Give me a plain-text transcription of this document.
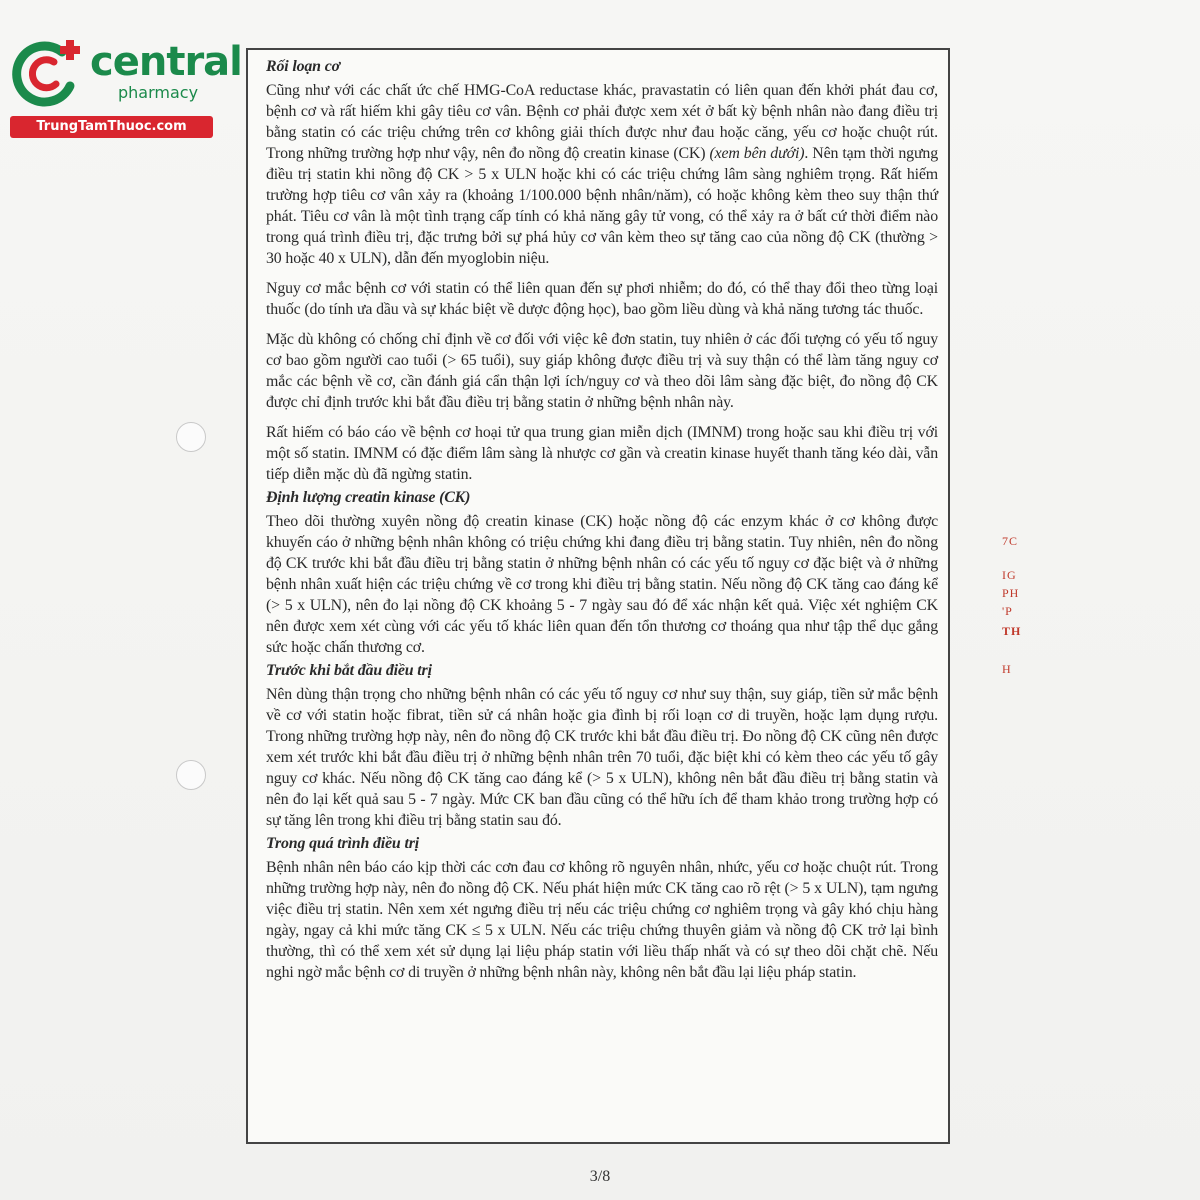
central
pharmacy
TrungTamThuoc.com
7C
IG
PH
'P
TH
H
Rối loạn cơ

Cũng như với các chất ức chế HMG-CoA reductase khác, pravastatin có liên quan đến khởi phát đau cơ, bệnh cơ và rất hiếm khi gây tiêu cơ vân. Bệnh cơ phải được xem xét ở bất kỳ bệnh nhân nào đang điều trị bằng statin có các triệu chứng trên cơ không giải thích được như đau hoặc căng, yếu cơ hoặc chuột rút. Trong những trường hợp như vậy, nên đo nồng độ creatin kinase (CK) (xem bên dưới). Nên tạm thời ngưng điều trị statin khi nồng độ CK > 5 x ULN hoặc khi có các triệu chứng lâm sàng nghiêm trọng. Rất hiếm trường hợp tiêu cơ vân xảy ra (khoảng 1/100.000 bệnh nhân/năm), có hoặc không kèm theo suy thận thứ phát. Tiêu cơ vân là một tình trạng cấp tính có khả năng gây tử vong, có thể xảy ra ở bất cứ thời điểm nào trong quá trình điều trị, đặc trưng bởi sự phá hủy cơ vân kèm theo sự tăng cao của nồng độ CK (thường > 30 hoặc 40 x ULN), dẫn đến myoglobin niệu.

Nguy cơ mắc bệnh cơ với statin có thể liên quan đến sự phơi nhiễm; do đó, có thể thay đổi theo từng loại thuốc (do tính ưa dầu và sự khác biệt về dược động học), bao gồm liều dùng và khả năng tương tác thuốc.

Mặc dù không có chống chỉ định về cơ đối với việc kê đơn statin, tuy nhiên ở các đối tượng có yếu tố nguy cơ bao gồm người cao tuổi (> 65 tuổi), suy giáp không được điều trị và suy thận có thể làm tăng nguy cơ mắc các bệnh về cơ, cần đánh giá cẩn thận lợi ích/nguy cơ và theo dõi lâm sàng đặc biệt, đo nồng độ CK được chỉ định trước khi bắt đầu điều trị bằng statin ở những bệnh nhân này.

Rất hiếm có báo cáo về bệnh cơ hoại tử qua trung gian miễn dịch (IMNM) trong hoặc sau khi điều trị với một số statin. IMNM có đặc điểm lâm sàng là nhược cơ gần và creatin kinase huyết thanh tăng kéo dài, vẫn tiếp diễn mặc dù đã ngừng statin.

Định lượng creatin kinase (CK)

Theo dõi thường xuyên nồng độ creatin kinase (CK) hoặc nồng độ các enzym khác ở cơ không được khuyến cáo ở những bệnh nhân không có triệu chứng khi đang điều trị bằng statin. Tuy nhiên, nên đo nồng độ CK trước khi bắt đầu điều trị bằng statin ở những bệnh nhân có các yếu tố nguy cơ đặc biệt và ở những bệnh nhân xuất hiện các triệu chứng về cơ trong khi điều trị bằng statin. Nếu nồng độ CK tăng cao đáng kể (> 5 x ULN), nên đo lại nồng độ CK khoảng 5 - 7 ngày sau đó để xác nhận kết quả. Việc xét nghiệm CK nên được xem xét cùng với các yếu tố khác liên quan đến tổn thương cơ thoáng qua như tập thể dục gắng sức hoặc chấn thương cơ.

Trước khi bắt đầu điều trị

Nên dùng thận trọng cho những bệnh nhân có các yếu tố nguy cơ như suy thận, suy giáp, tiền sử mắc bệnh về cơ với statin hoặc fibrat, tiền sử cá nhân hoặc gia đình bị rối loạn cơ di truyền, hoặc lạm dụng rượu. Trong những trường hợp này, nên đo nồng độ CK trước khi bắt đầu điều trị. Đo nồng độ CK cũng nên được xem xét trước khi bắt đầu điều trị ở những bệnh nhân trên 70 tuổi, đặc biệt khi có kèm theo các yếu tố gây nguy cơ khác. Nếu nồng độ CK tăng cao đáng kể (> 5 x ULN), không nên bắt đầu điều trị bằng statin và nên đo lại kết quả sau 5 - 7 ngày. Mức CK ban đầu cũng có thể hữu ích để tham khảo trong trường hợp có sự tăng lên trong khi điều trị bằng statin sau đó.

Trong quá trình điều trị

Bệnh nhân nên báo cáo kịp thời các cơn đau cơ không rõ nguyên nhân, nhức, yếu cơ hoặc chuột rút. Trong những trường hợp này, nên đo nồng độ CK. Nếu phát hiện mức CK tăng cao rõ rệt (> 5 x ULN), tạm ngưng việc điều trị statin. Nên xem xét ngưng điều trị nếu các triệu chứng cơ nghiêm trọng và gây khó chịu hàng ngày, ngay cả khi mức tăng CK ≤ 5 x ULN. Nếu các triệu chứng thuyên giảm và nồng độ CK trở lại bình thường, thì có thể xem xét sử dụng lại liệu pháp statin với liều thấp nhất và có sự theo dõi chặt chẽ. Nếu nghi ngờ mắc bệnh cơ di truyền ở những bệnh nhân này, không nên bắt đầu lại liệu pháp statin.

3/8
